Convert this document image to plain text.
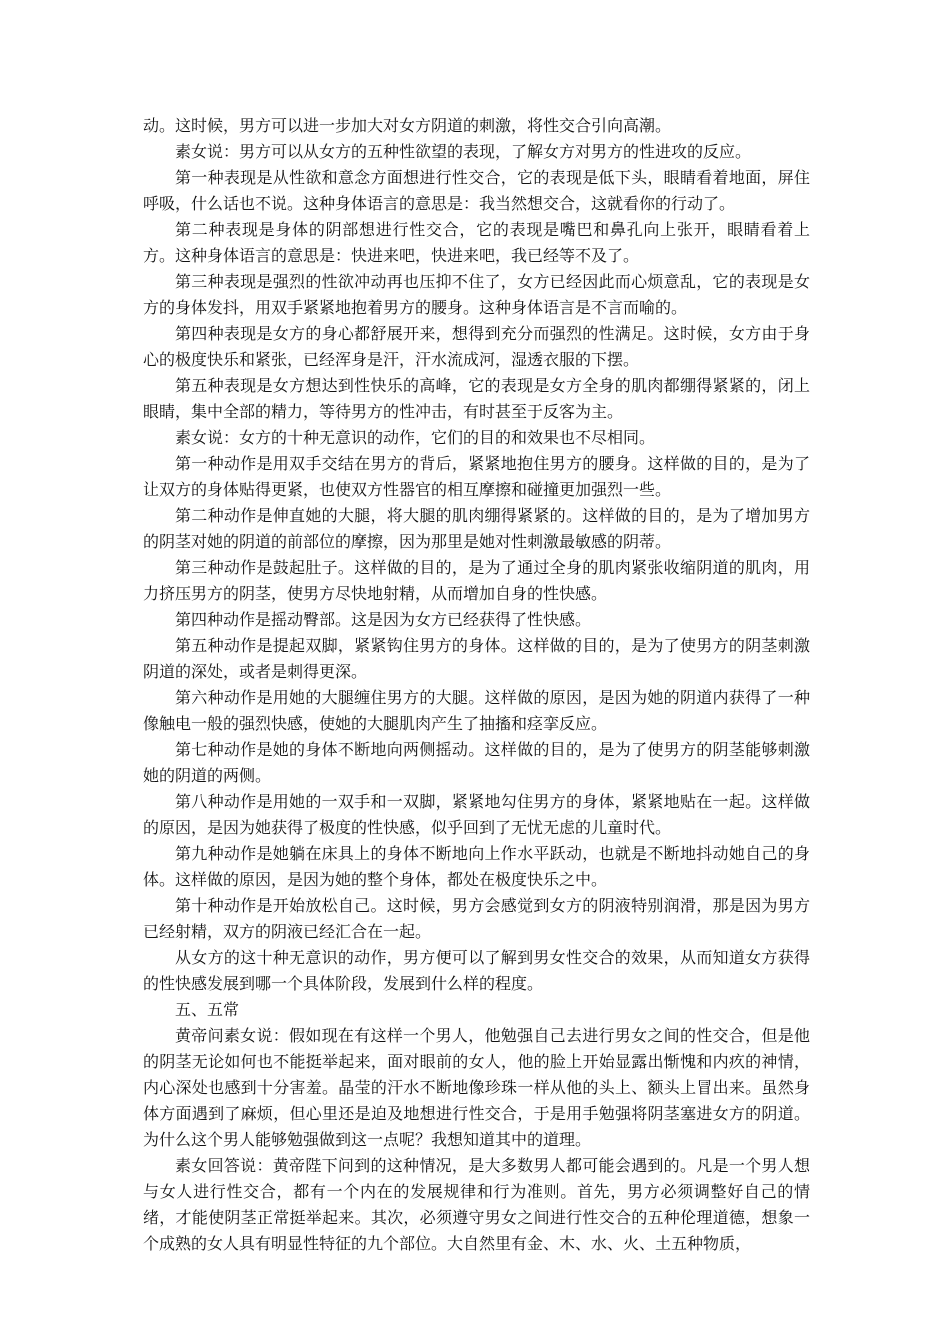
动。这时候，男方可以进一步加大对女方阴道的刺激，将性交合引向高潮。

素女说：男方可以从女方的五种性欲望的表现，了解女方对男方的性进攻的反应。

第一种表现是从性欲和意念方面想进行性交合，它的表现是低下头，眼睛看着地面，屏住呼吸，什么话也不说。这种身体语言的意思是：我当然想交合，这就看你的行动了。

第二种表现是身体的阴部想进行性交合，它的表现是嘴巴和鼻孔向上张开，眼睛看着上方。这种身体语言的意思是：快进来吧，快进来吧，我已经等不及了。

第三种表现是强烈的性欲冲动再也压抑不住了，女方已经因此而心烦意乱，它的表现是女方的身体发抖，用双手紧紧地抱着男方的腰身。这种身体语言是不言而喻的。

第四种表现是女方的身心都舒展开来，想得到充分而强烈的性满足。这时候，女方由于身心的极度快乐和紧张，已经浑身是汗，汗水流成河，湿透衣服的下摆。

第五种表现是女方想达到性快乐的高峰，它的表现是女方全身的肌肉都绷得紧紧的，闭上眼睛，集中全部的精力，等待男方的性冲击，有时甚至于反客为主。

素女说：女方的十种无意识的动作，它们的目的和效果也不尽相同。

第一种动作是用双手交结在男方的背后，紧紧地抱住男方的腰身。这样做的目的，是为了让双方的身体贴得更紧，也使双方性器官的相互摩擦和碰撞更加强烈一些。

第二种动作是伸直她的大腿，将大腿的肌肉绷得紧紧的。这样做的目的，是为了增加男方的阴茎对她的阴道的前部位的摩擦，因为那里是她对性刺激最敏感的阴蒂。

第三种动作是鼓起肚子。这样做的目的，是为了通过全身的肌肉紧张收缩阴道的肌肉，用力挤压男方的阴茎，使男方尽快地射精，从而增加自身的性快感。

第四种动作是摇动臀部。这是因为女方已经获得了性快感。

第五种动作是提起双脚，紧紧钩住男方的身体。这样做的目的，是为了使男方的阴茎刺激阴道的深处，或者是刺得更深。

第六种动作是用她的大腿缠住男方的大腿。这样做的原因，是因为她的阴道内获得了一种像触电一般的强烈快感，使她的大腿肌肉产生了抽搐和痉挛反应。

第七种动作是她的身体不断地向两侧摇动。这样做的目的，是为了使男方的阴茎能够刺激她的阴道的两侧。

第八种动作是用她的一双手和一双脚，紧紧地勾住男方的身体，紧紧地贴在一起。这样做的原因，是因为她获得了极度的性快感，似乎回到了无忧无虑的儿童时代。

第九种动作是她躺在床具上的身体不断地向上作水平跃动，也就是不断地抖动她自己的身体。这样做的原因，是因为她的整个身体，都处在极度快乐之中。

第十种动作是开始放松自己。这时候，男方会感觉到女方的阴液特别润滑，那是因为男方已经射精，双方的阴液已经汇合在一起。

从女方的这十种无意识的动作，男方便可以了解到男女性交合的效果，从而知道女方获得的性快感发展到哪一个具体阶段，发展到什么样的程度。

五、五常

黄帝问素女说：假如现在有这样一个男人，他勉强自己去进行男女之间的性交合，但是他的阴茎无论如何也不能挺举起来，面对眼前的女人，他的脸上开始显露出惭愧和内疚的神情，内心深处也感到十分害羞。晶莹的汗水不断地像珍珠一样从他的头上、额头上冒出来。虽然身体方面遇到了麻烦，但心里还是迫及地想进行性交合，于是用手勉强将阴茎塞进女方的阴道。为什么这个男人能够勉强做到这一点呢？我想知道其中的道理。

素女回答说：黄帝陛下问到的这种情况，是大多数男人都可能会遇到的。凡是一个男人想与女人进行性交合，都有一个内在的发展规律和行为准则。首先，男方必须调整好自己的情绪，才能使阴茎正常挺举起来。其次，必须遵守男女之间进行性交合的五种伦理道德，想象一个成熟的女人具有明显性特征的九个部位。大自然里有金、木、水、火、土五种物质，
